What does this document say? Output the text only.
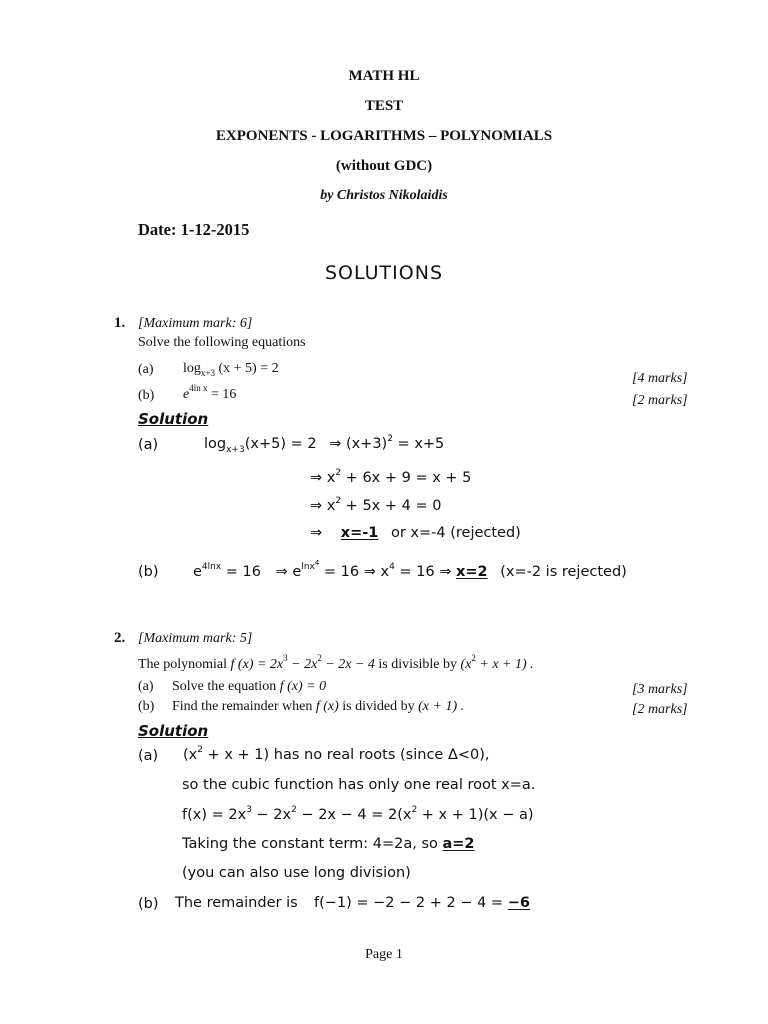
MATH HL
TEST
EXPONENTS - LOGARITHMS – POLYNOMIALS
(without GDC)
by Christos Nikolaidis
Date: 1-12-2015
SOLUTIONS
1. [Maximum mark: 6]
Solve the following equations
(a) $\log_{x+3} (x + 5) = 2$
[4 marks]
(b) $e^{4ln x} = 16$	[2 marks]
Solution
(a)	$\log_{x+3}(x+5) = 2$ ⇒ $(x+3)^2 = x+5$
⇒ $x^2 + 6x + 9 = x + 5$
⇒ $x^2 + 5x + 4 = 0$
⇒ x=-1 or x=-4 (rejected)
(b) $e^{4lnx} = 16$ ⇒ $e^{lnx^4} = 16$ ⇒ $x^4 = 16$ ⇒ x=2 (x=-2 is rejected)
2. [Maximum mark: 5]
The polynomial f $(x) = 2x^3 - 2x^2 - 2x - 4$ is divisible by $(x^2 + x + 1)$ .
(a) Solve the equation f (x) = 0	[3 marks]
(b) Find the remainder when f (x) is divided by (x + 1) .	[2 marks]
Solution
(a) $(x^2 + x + 1)$ has no real roots (since Δ<0),
so the cubic function has only one real root x=a.
$f(x) = 2x^3 - 2x^2 - 2x - 4 = 2(x^2 + x + 1)(x - a)$
Taking the constant term: 4=2a, so a=2
(you can also use long division)
(b) The remainder is f(−1) = −2 − 2 + 2 − 4 = −6
Page 1
